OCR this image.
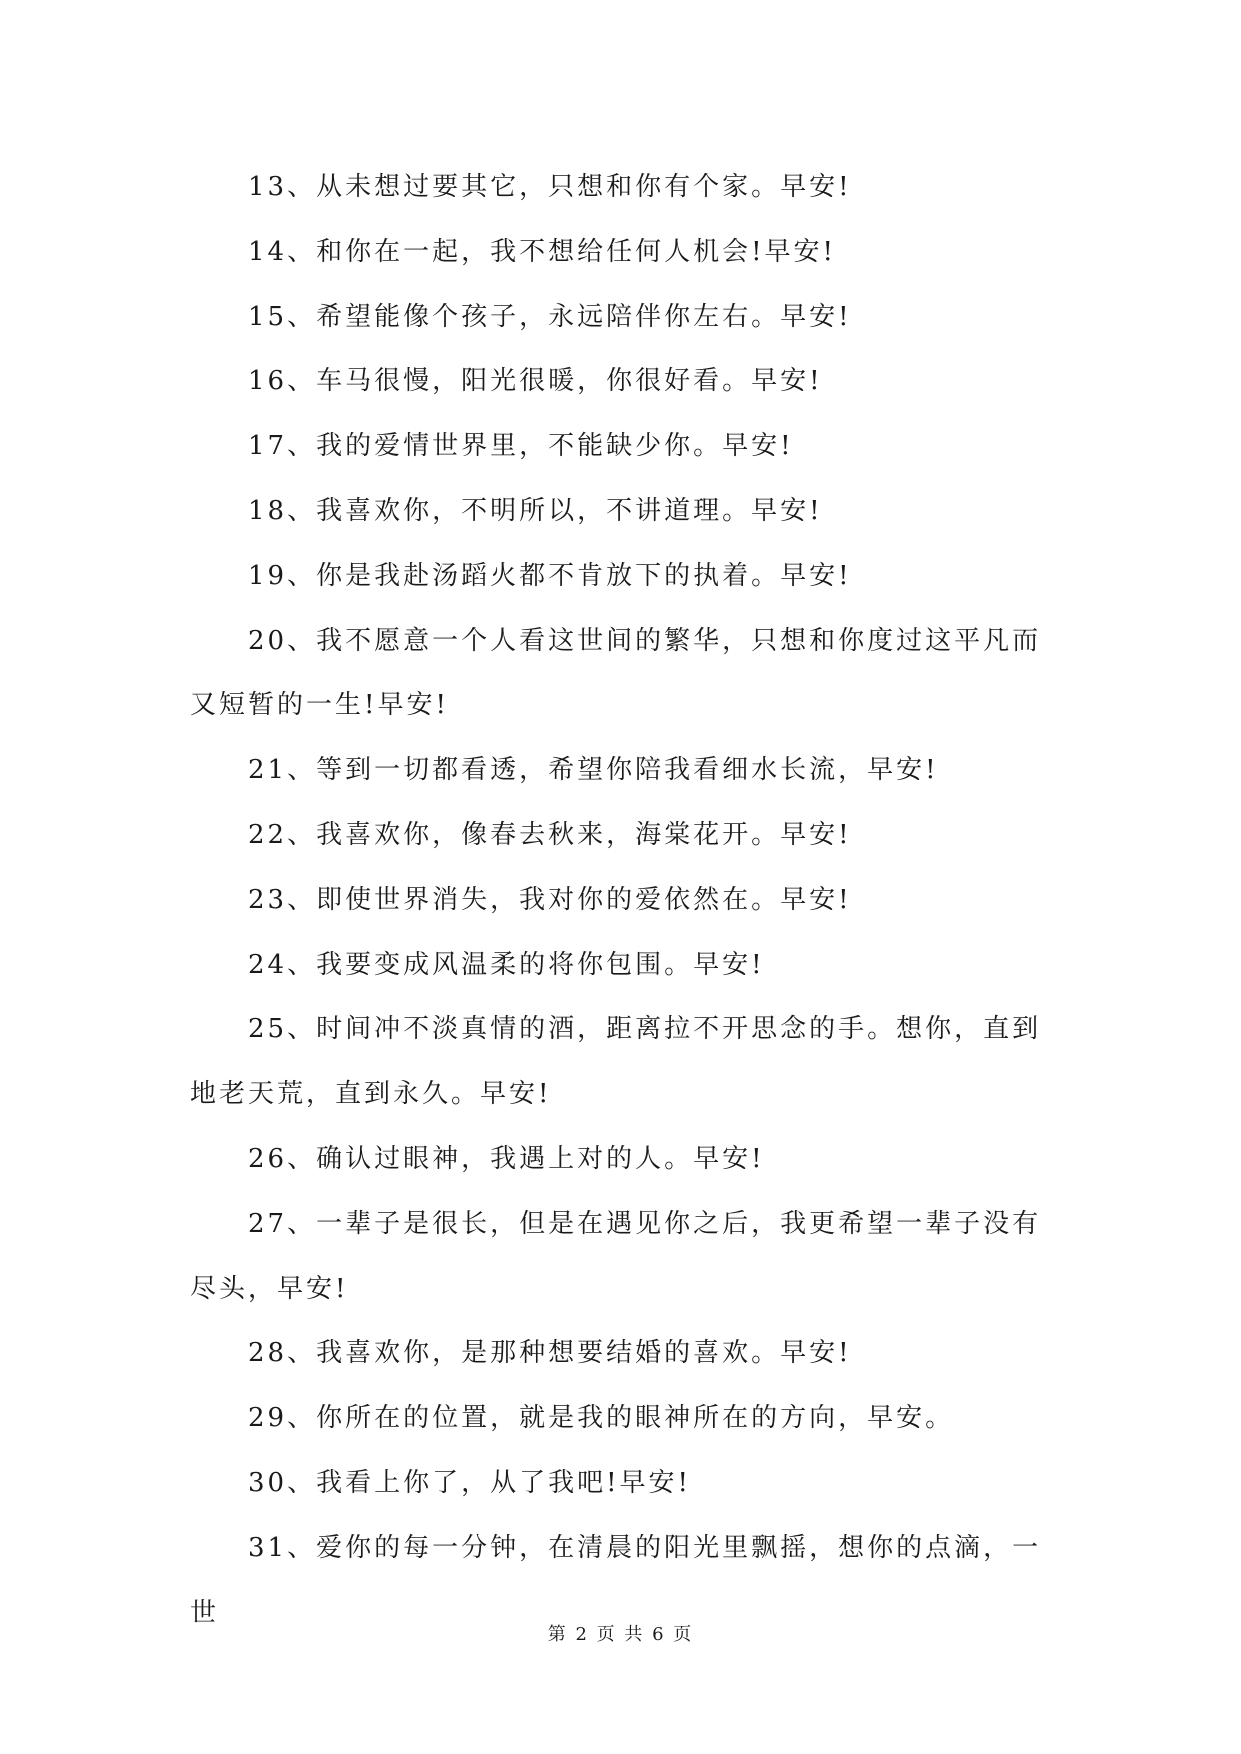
13、从未想过要其它，只想和你有个家。早安!

14、和你在一起，我不想给任何人机会!早安!

15、希望能像个孩子，永远陪伴你左右。早安!

16、车马很慢，阳光很暖，你很好看。早安!

17、我的爱情世界里，不能缺少你。早安!

18、我喜欢你，不明所以，不讲道理。早安!

19、你是我赴汤蹈火都不肯放下的执着。早安!

20、我不愿意一个人看这世间的繁华，只想和你度过这平凡而又短暂的一生!早安!

21、等到一切都看透，希望你陪我看细水长流，早安!

22、我喜欢你，像春去秋来，海棠花开。早安!

23、即使世界消失，我对你的爱依然在。早安!

24、我要变成风温柔的将你包围。早安!

25、时间冲不淡真情的酒，距离拉不开思念的手。想你，直到地老天荒，直到永久。早安!

26、确认过眼神，我遇上对的人。早安!

27、一辈子是很长，但是在遇见你之后，我更希望一辈子没有尽头，早安!

28、我喜欢你，是那种想要结婚的喜欢。早安!

29、你所在的位置，就是我的眼神所在的方向，早安。

30、我看上你了，从了我吧!早安!

31、爱你的每一分钟，在清晨的阳光里飘摇，想你的点滴，一世

第 2 页 共 6 页
